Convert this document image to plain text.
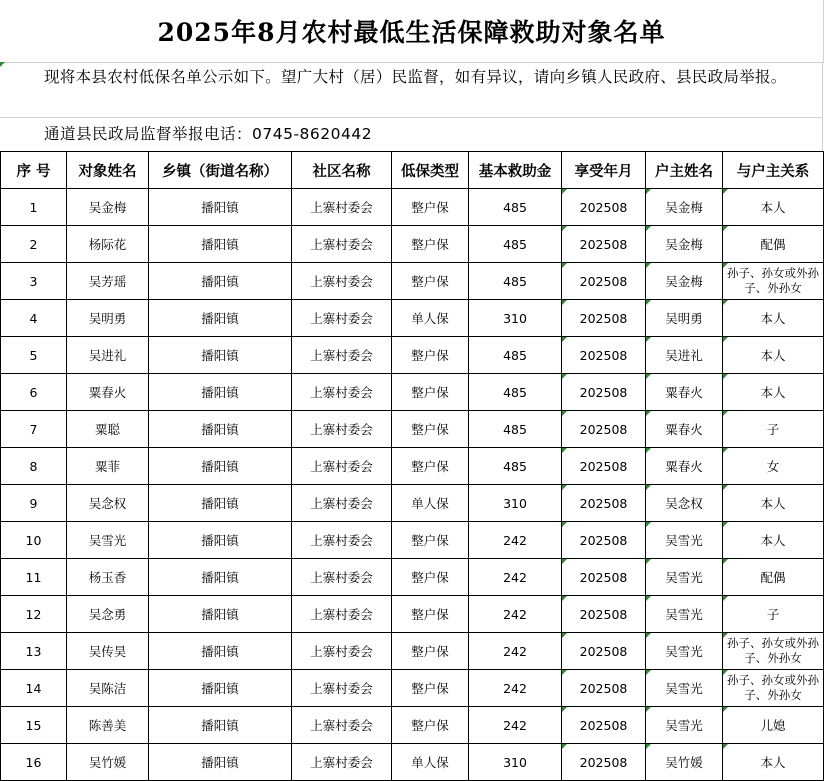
2025年8月农村最低生活保障救助对象名单
现将本县农村低保名单公示如下。望广大村（居）民监督，如有异议，请向乡镇人民政府、县民政局举报。
通道县民政局监督举报电话：0745-8620442
序 号	对象姓名	乡镇（街道名称）	社区名称	低保类型	基本救助金	享受年月	户主姓名	与户主关系
1	吴金梅	播阳镇	上寨村委会	整户保	485	202508	吴金梅	本人
2	杨际花	播阳镇	上寨村委会	整户保	485	202508	吴金梅	配偶
3	吴芳瑶	播阳镇	上寨村委会	整户保	485	202508	吴金梅	孙子、孙女或外孙子、外孙女
4	吴明勇	播阳镇	上寨村委会	单人保	310	202508	吴明勇	本人
5	吴进礼	播阳镇	上寨村委会	整户保	485	202508	吴进礼	本人
6	粟春火	播阳镇	上寨村委会	整户保	485	202508	粟春火	本人
7	粟聪	播阳镇	上寨村委会	整户保	485	202508	粟春火	子
8	粟菲	播阳镇	上寨村委会	整户保	485	202508	粟春火	女
9	吴念权	播阳镇	上寨村委会	单人保	310	202508	吴念权	本人
10	吴雪光	播阳镇	上寨村委会	整户保	242	202508	吴雪光	本人
11	杨玉香	播阳镇	上寨村委会	整户保	242	202508	吴雪光	配偶
12	吴念勇	播阳镇	上寨村委会	整户保	242	202508	吴雪光	子
13	吴传昊	播阳镇	上寨村委会	整户保	242	202508	吴雪光	孙子、孙女或外孙子、外孙女
14	吴陈洁	播阳镇	上寨村委会	整户保	242	202508	吴雪光	孙子、孙女或外孙子、外孙女
15	陈善美	播阳镇	上寨村委会	整户保	242	202508	吴雪光	儿媳
16	吴竹媛	播阳镇	上寨村委会	单人保	310	202508	吴竹媛	本人
